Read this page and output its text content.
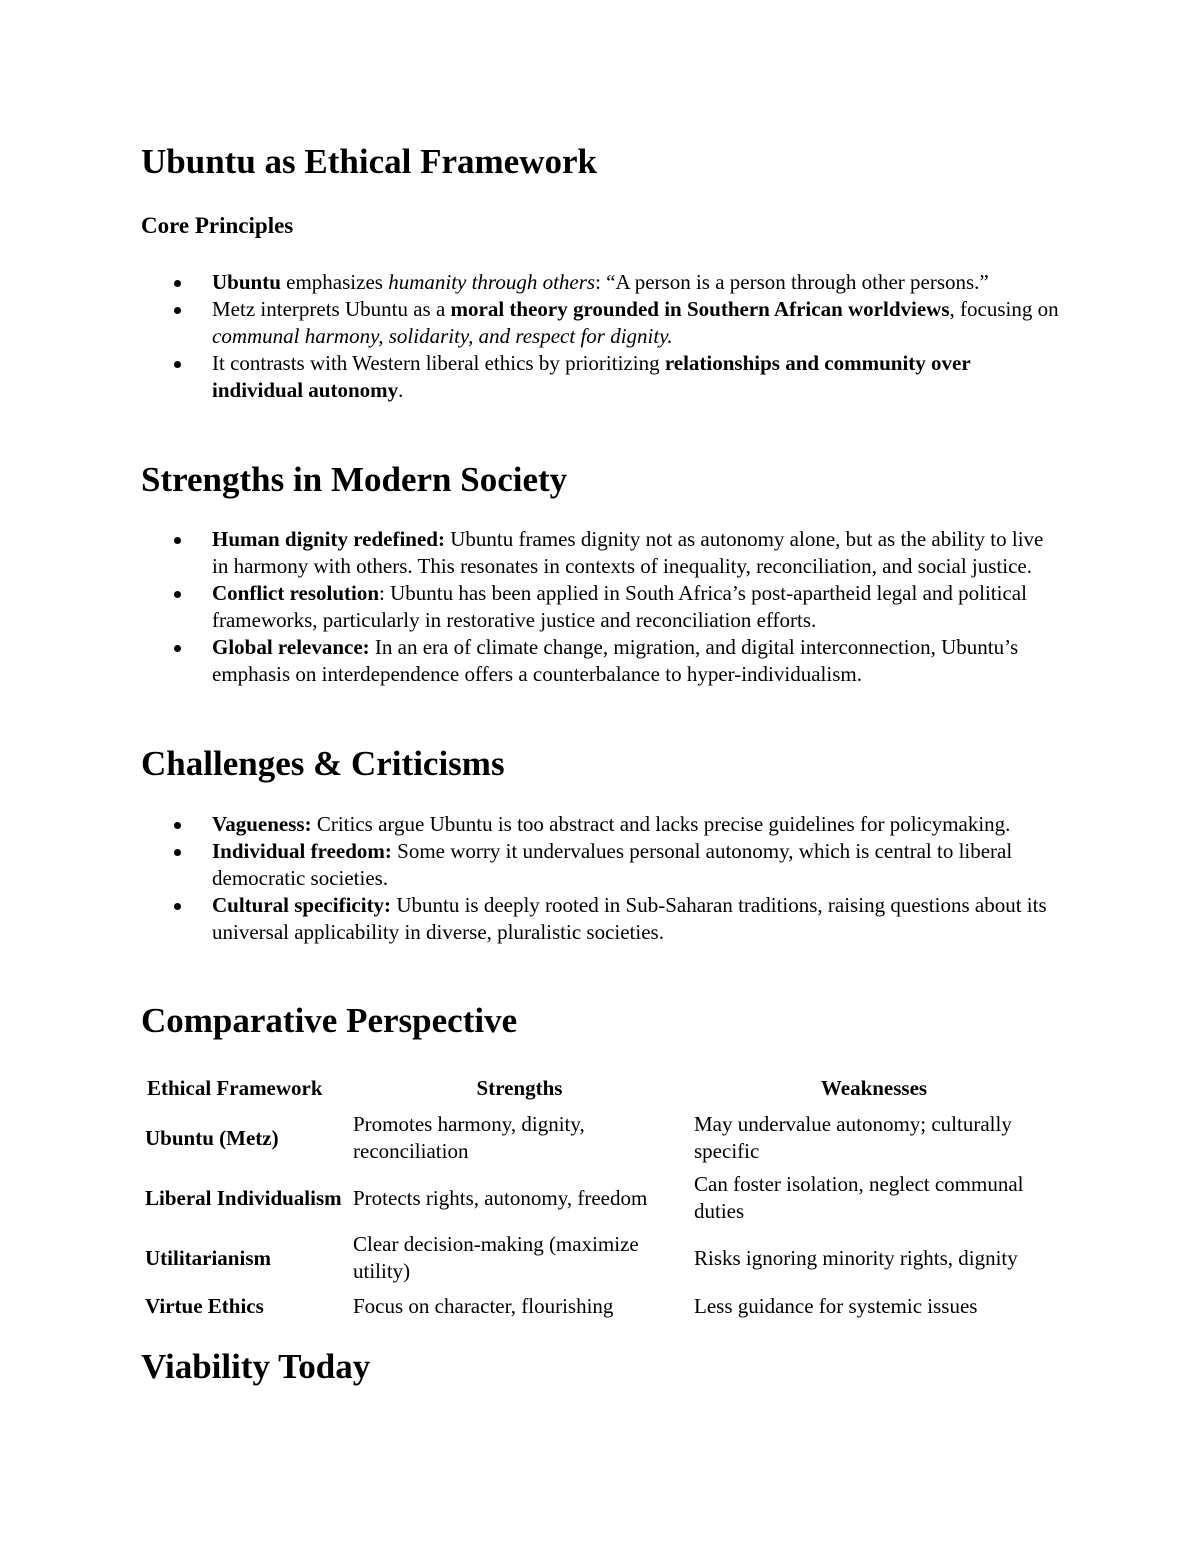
Ubuntu as Ethical Framework
Core Principles
Ubuntu emphasizes humanity through others: “A person is a person through other persons.”
Metz interprets Ubuntu as a moral theory grounded in Southern African worldviews, focusing on communal harmony, solidarity, and respect for dignity.
It contrasts with Western liberal ethics by prioritizing relationships and community over individual autonomy.
Strengths in Modern Society
Human dignity redefined: Ubuntu frames dignity not as autonomy alone, but as the ability to live in harmony with others. This resonates in contexts of inequality, reconciliation, and social justice.
Conflict resolution: Ubuntu has been applied in South Africa’s post-apartheid legal and political frameworks, particularly in restorative justice and reconciliation efforts.
Global relevance: In an era of climate change, migration, and digital interconnection, Ubuntu’s emphasis on interdependence offers a counterbalance to hyper-individualism.
Challenges & Criticisms
Vagueness: Critics argue Ubuntu is too abstract and lacks precise guidelines for policymaking.
Individual freedom: Some worry it undervalues personal autonomy, which is central to liberal democratic societies.
Cultural specificity: Ubuntu is deeply rooted in Sub-Saharan traditions, raising questions about its universal applicability in diverse, pluralistic societies.
Comparative Perspective
Ethical Framework	Strengths	Weaknesses
Ubuntu (Metz)	Promotes harmony, dignity, reconciliation	May undervalue autonomy; culturally specific
Liberal Individualism	Protects rights, autonomy, freedom	Can foster isolation, neglect communal duties
Utilitarianism	Clear decision-making (maximize utility)	Risks ignoring minority rights, dignity
Virtue Ethics	Focus on character, flourishing	Less guidance for systemic issues
Viability Today
